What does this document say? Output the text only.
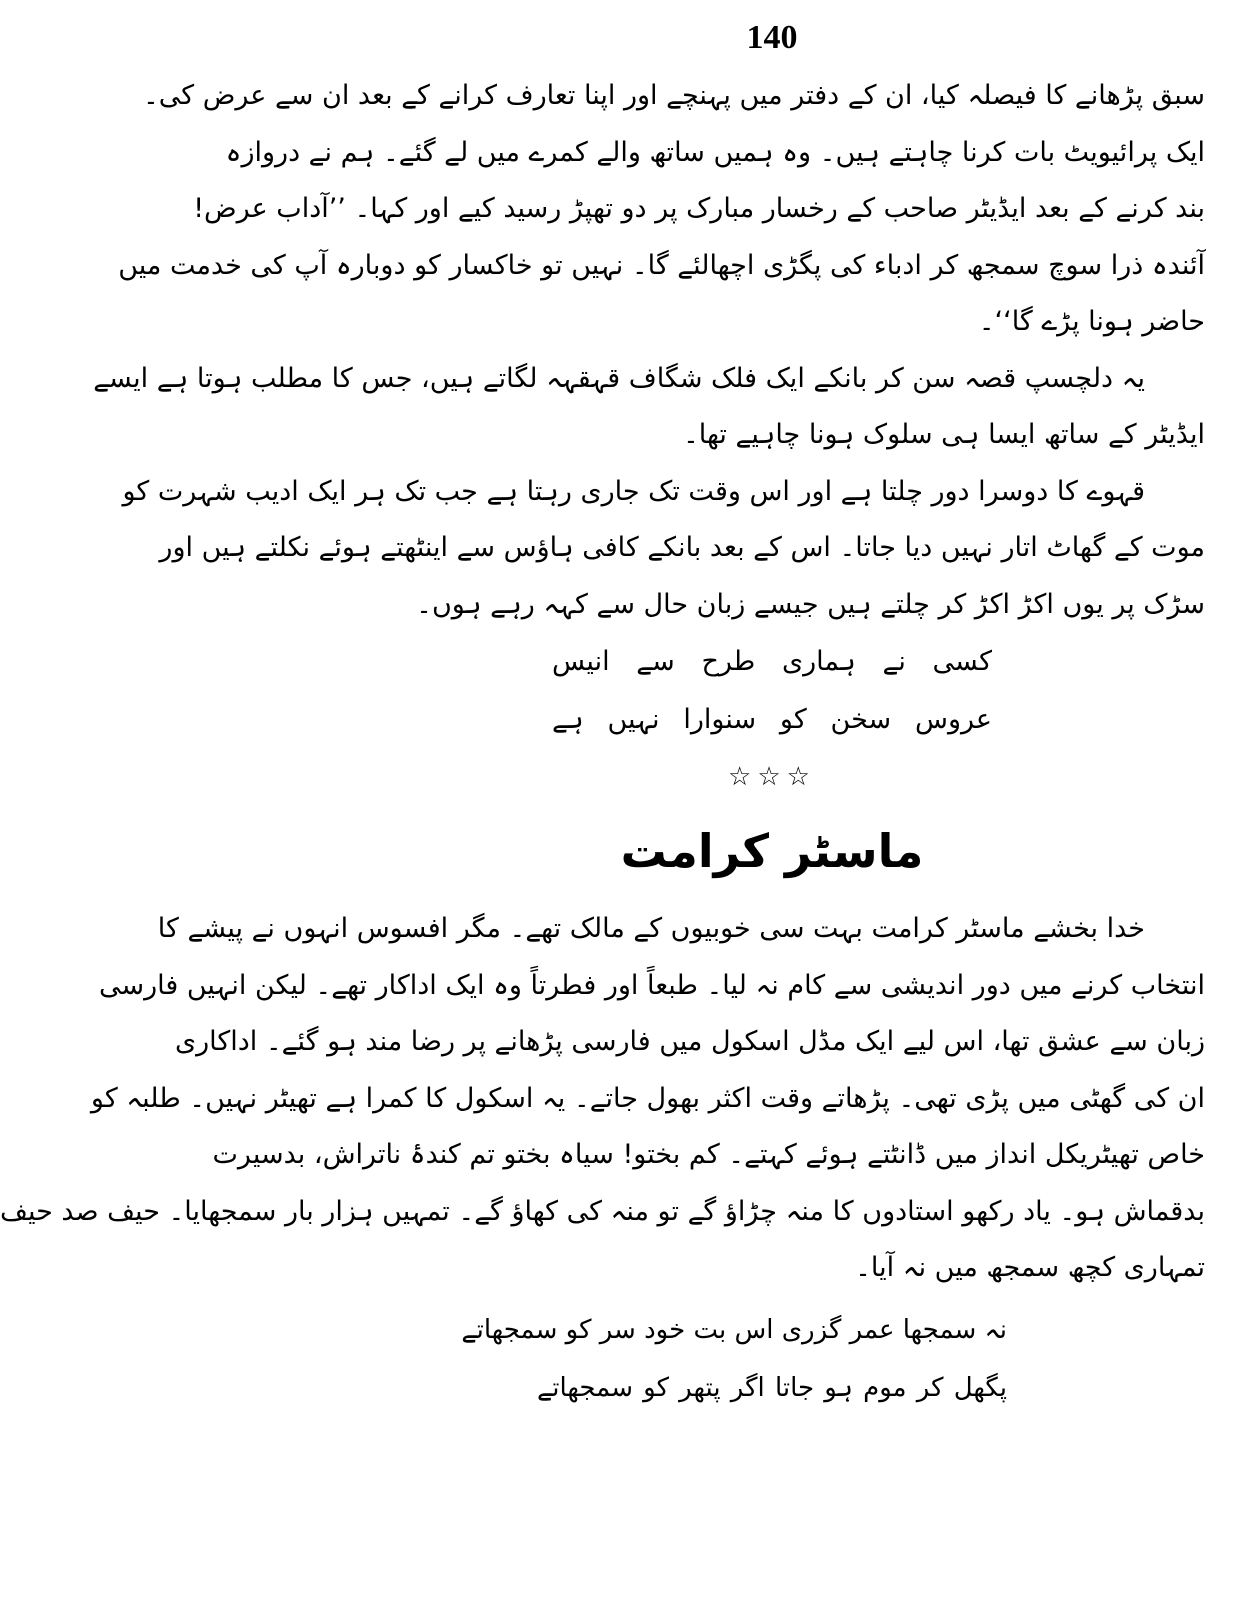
140
سبق پڑھانے کا فیصلہ کیا، ان کے دفتر میں پہنچے اور اپنا تعارف کرانے کے بعد ان سے عرض کی۔
ایک پرائیویٹ بات کرنا چاہتے ہیں۔ وہ ہمیں ساتھ والے کمرے میں لے گئے۔ ہم نے دروازہ
بند کرنے کے بعد ایڈیٹر صاحب کے رخسار مبارک پر دو تھپڑ رسید کیے اور کہا۔ ’’آداب عرض!
آئندہ ذرا سوچ سمجھ کر ادباء کی پگڑی اچھالئے گا۔ نہیں تو خاکسار کو دوبارہ آپ کی خدمت میں
حاضر ہونا پڑے گا‘‘۔
یہ دلچسپ قصہ سن کر بانکے ایک فلک شگاف قہقہہ لگاتے ہیں، جس کا مطلب ہوتا ہے ایسے
ایڈیٹر کے ساتھ ایسا ہی سلوک ہونا چاہیے تھا۔
قہوے کا دوسرا دور چلتا ہے اور اس وقت تک جاری رہتا ہے جب تک ہر ایک ادیب شہرت کو
موت کے گھاٹ اتار نہیں دیا جاتا۔ اس کے بعد بانکے کافی ہاؤس سے اینٹھتے ہوئے نکلتے ہیں اور
سڑک پر یوں اکڑ اکڑ کر چلتے ہیں جیسے زبان حال سے کہہ رہے ہوں۔
کسی نے ہماری طرح سے انیس
عروس سخن کو سنوارا نہیں ہے
☆☆☆
ماسٹر کرامت
خدا بخشے ماسٹر کرامت بہت سی خوبیوں کے مالک تھے۔ مگر افسوس انہوں نے پیشے کا
انتخاب کرنے میں دور اندیشی سے کام نہ لیا۔ طبعاً اور فطرتاً وہ ایک اداکار تھے۔ لیکن انہیں فارسی
زبان سے عشق تھا، اس لیے ایک مڈل اسکول میں فارسی پڑھانے پر رضا مند ہو گئے۔ اداکاری
ان کی گھٹی میں پڑی تھی۔ پڑھاتے وقت اکثر بھول جاتے۔ یہ اسکول کا کمرا ہے تھیٹر نہیں۔ طلبہ کو
خاص تھیٹریکل انداز میں ڈانٹتے ہوئے کہتے۔ کم بختو! سیاہ بختو تم کندۂ ناتراش، بدسیرت
بدقماش ہو۔ یاد رکھو استادوں کا منہ چڑاؤ گے تو منہ کی کھاؤ گے۔ تمہیں ہزار بار سمجھایا۔ حیف صد حیف
تمہاری کچھ سمجھ میں نہ آیا۔
نہ سمجھا عمر گزری اس بت خود سر کو سمجھاتے
پگھل کر موم ہو جاتا اگر پتھر کو سمجھاتے
